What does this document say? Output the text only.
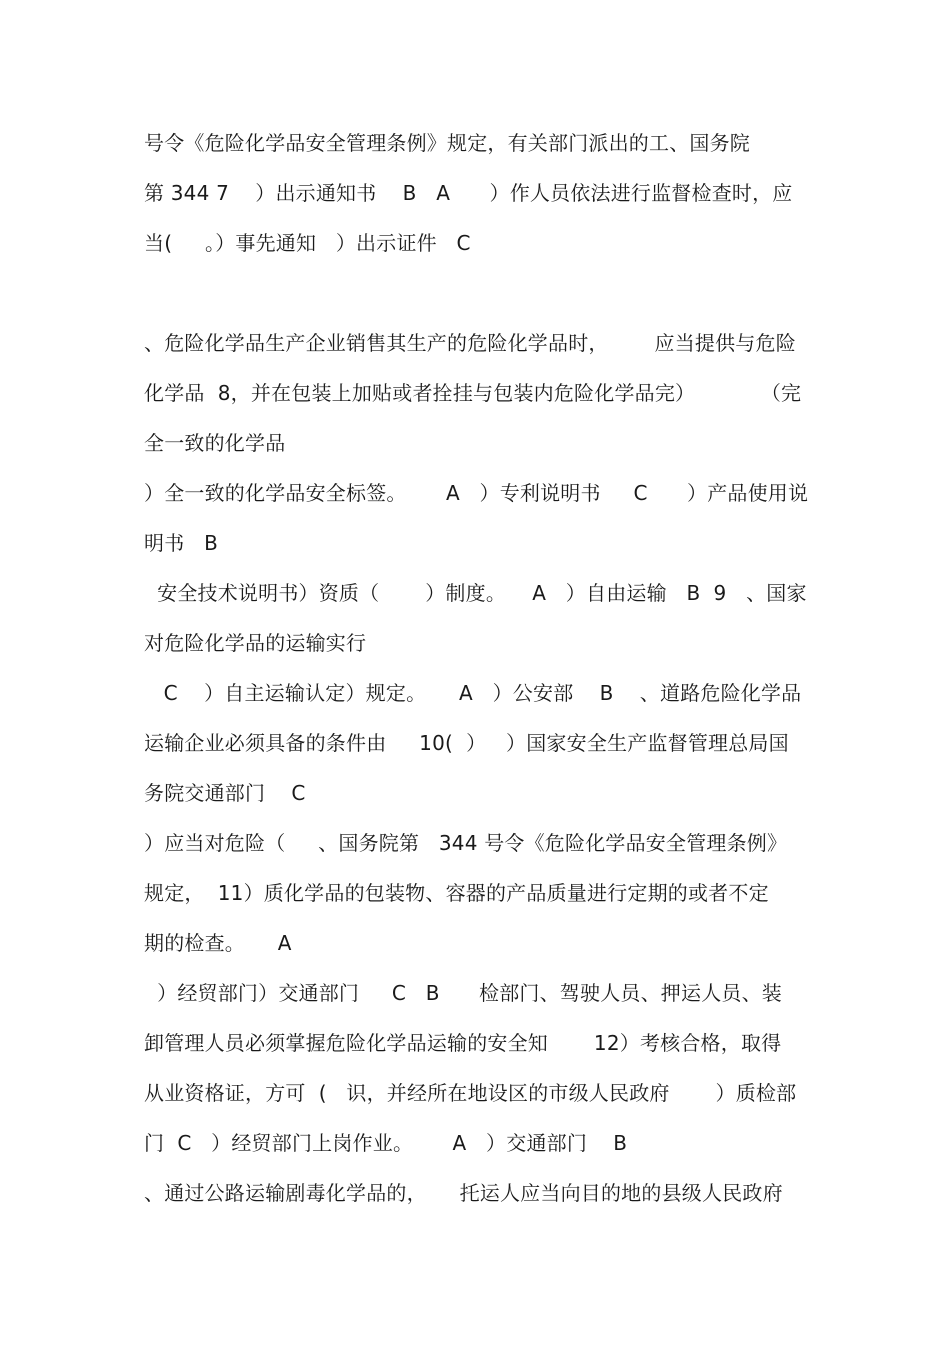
号令《危险化学品安全管理条例》规定，有关部门派出的工、国务院
第 344 7    ）出示通知书    B   A      ）作人员依法进行监督检查时，应
当(     。）事先通知   ）出示证件   C
、危险化学品生产企业销售其生产的危险化学品时，       应当提供与危险
化学品  8，并在包装上加贴或者拴挂与包装内危险化学品完）          （完
全一致的化学品
）全一致的化学品安全标签。      A   ）专利说明书     C      ）产品使用说
明书   B
安全技术说明书）资质（       ）制度。    A   ）自由运输   B  9   、国家
对危险化学品的运输实行
C    ）自主运输认定）规定。     A   ）公安部    B    、道路危险化学品
运输企业必须具备的条件由     10(  ）   ）国家安全生产监督管理总局国
务院交通部门    C
）应当对危险（     、国务院第   344 号令《危险化学品安全管理条例》
规定，  11）质化学品的包装物、容器的产品质量进行定期的或者不定
期的检查。     A
）经贸部门）交通部门     C   B      检部门、驾驶人员、押运人员、装
卸管理人员必须掌握危险化学品运输的安全知       12）考核合格，取得
从业资格证，方可  (   识，并经所在地设区的市级人民政府       ）质检部
门  C   ）经贸部门上岗作业。      A   ）交通部门    B
、通过公路运输剧毒化学品的，     托运人应当向目的地的县级人民政府
